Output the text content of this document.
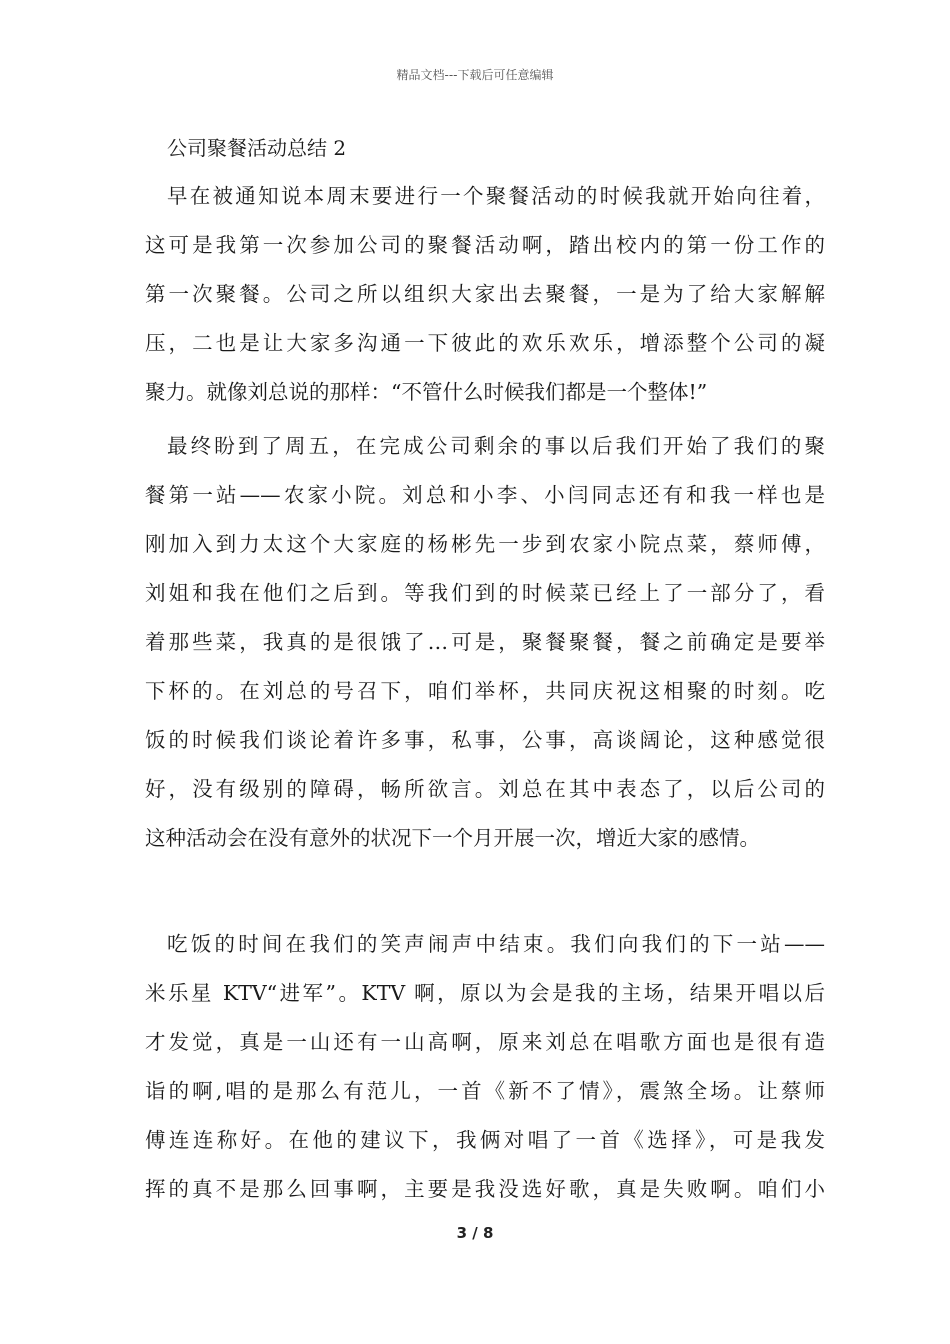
精品文档---下载后可任意编辑
公司聚餐活动总结 2
早在被通知说本周末要进行一个聚餐活动的时候我就开始向往着，
这可是我第一次参加公司的聚餐活动啊，踏出校内的第一份工作的
第一次聚餐。公司之所以组织大家出去聚餐，一是为了给大家解解
压，二也是让大家多沟通一下彼此的欢乐欢乐，增添整个公司的凝
聚力。就像刘总说的那样：“不管什么时候我们都是一个整体!”
最终盼到了周五，在完成公司剩余的事以后我们开始了我们的聚
餐第一站——农家小院。刘总和小李、小闫同志还有和我一样也是
刚加入到力太这个大家庭的杨彬先一步到农家小院点菜，蔡师傅，
刘姐和我在他们之后到。等我们到的时候菜已经上了一部分了，看
着那些菜，我真的是很饿了…可是，聚餐聚餐，餐之前确定是要举
下杯的。在刘总的号召下，咱们举杯，共同庆祝这相聚的时刻。吃
饭的时候我们谈论着许多事，私事，公事，高谈阔论，这种感觉很
好，没有级别的障碍，畅所欲言。刘总在其中表态了，以后公司的
这种活动会在没有意外的状况下一个月开展一次，增近大家的感情。
吃饭的时间在我们的笑声闹声中结束。我们向我们的下一站——
米乐星 KTV“进军”。KTV 啊，原以为会是我的主场，结果开唱以后
才发觉，真是一山还有一山高啊，原来刘总在唱歌方面也是很有造
诣的啊,唱的是那么有范儿，一首《新不了情》，震煞全场。让蔡师
傅连连称好。在他的建议下，我俩对唱了一首《选择》，可是我发
挥的真不是那么回事啊，主要是我没选好歌，真是失败啊。咱们小
3 / 8
